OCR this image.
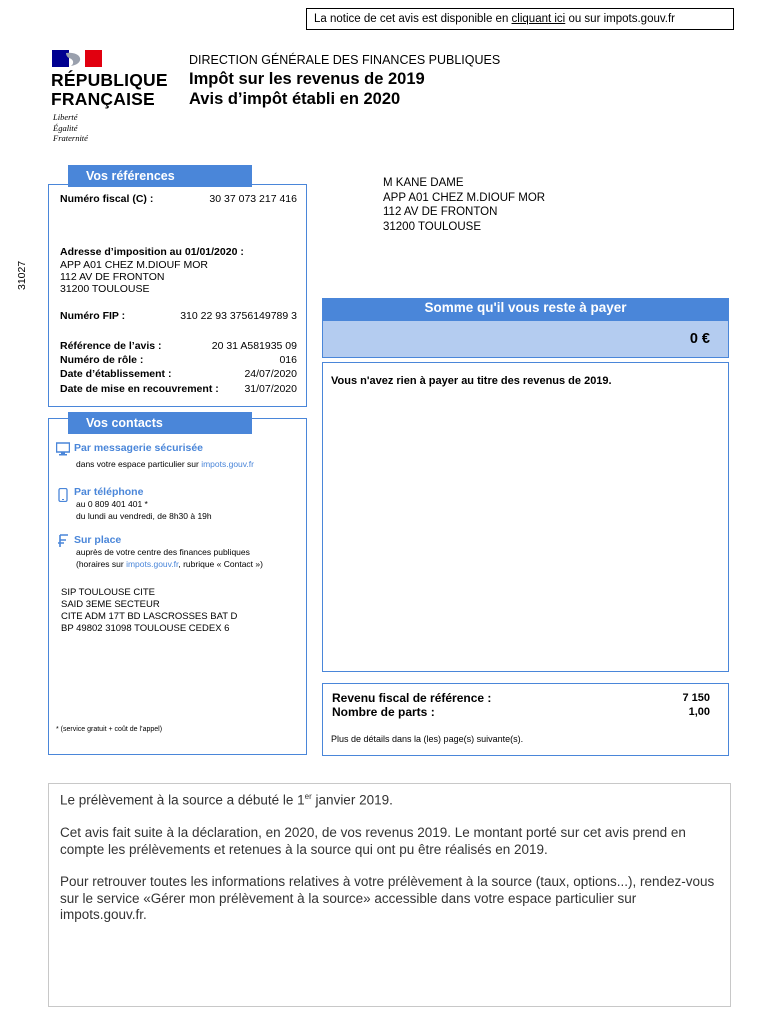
La notice de cet avis est disponible en cliquant ici ou sur impots.gouv.fr
RÉPUBLIQUE
FRANÇAISE
Liberté
Égalité
Fraternité
DIRECTION GÉNÉRALE DES FINANCES PUBLIQUES
Impôt sur les revenus de 2019
Avis d’impôt établi en 2020
31027
Vos références
Numéro fiscal (C) :	30 37 073 217 416
Adresse d’imposition au 01/01/2020 :
APP A01 CHEZ M.DIOUF MOR
112 AV DE FRONTON
31200 TOULOUSE
Numéro FIP :	310 22 93 3756149789 3
Référence de l’avis :	20 31 A581935 09
Numéro de rôle :	016
Date d’établissement :	24/07/2020
Date de mise en recouvrement :	31/07/2020
Vos contacts
Par messagerie sécurisée
dans votre espace particulier sur impots.gouv.fr
Par téléphone
au 0 809 401 401 *
du lundi au vendredi, de 8h30 à 19h
Sur place
auprès de votre centre des finances publiques
(horaires sur impots.gouv.fr, rubrique « Contact »)
SIP TOULOUSE CITE
SAID 3EME SECTEUR
CITE ADM 17T BD LASCROSSES BAT D
BP 49802 31098 TOULOUSE CEDEX 6
* (service gratuit + coût de l’appel)
M KANE DAME
APP A01 CHEZ M.DIOUF MOR
112 AV DE FRONTON
31200 TOULOUSE
Somme qu'il vous reste à payer
0 €
Vous n'avez rien à payer au titre des revenus de 2019.
Revenu fiscal de référence :	7 150
Nombre de parts :	1,00
Plus de détails dans la (les) page(s) suivante(s).

Le prélèvement à la source a débuté le 1er janvier 2019.

Cet avis fait suite à la déclaration, en 2020, de vos revenus 2019. Le montant porté sur cet avis prend en compte les prélèvements et retenues à la source qui ont pu être réalisés en 2019.

Pour retrouver toutes les informations relatives à votre prélèvement à la source (taux, options...), rendez-vous sur le service «Gérer mon prélèvement à la source» accessible dans votre espace particulier sur impots.gouv.fr.
